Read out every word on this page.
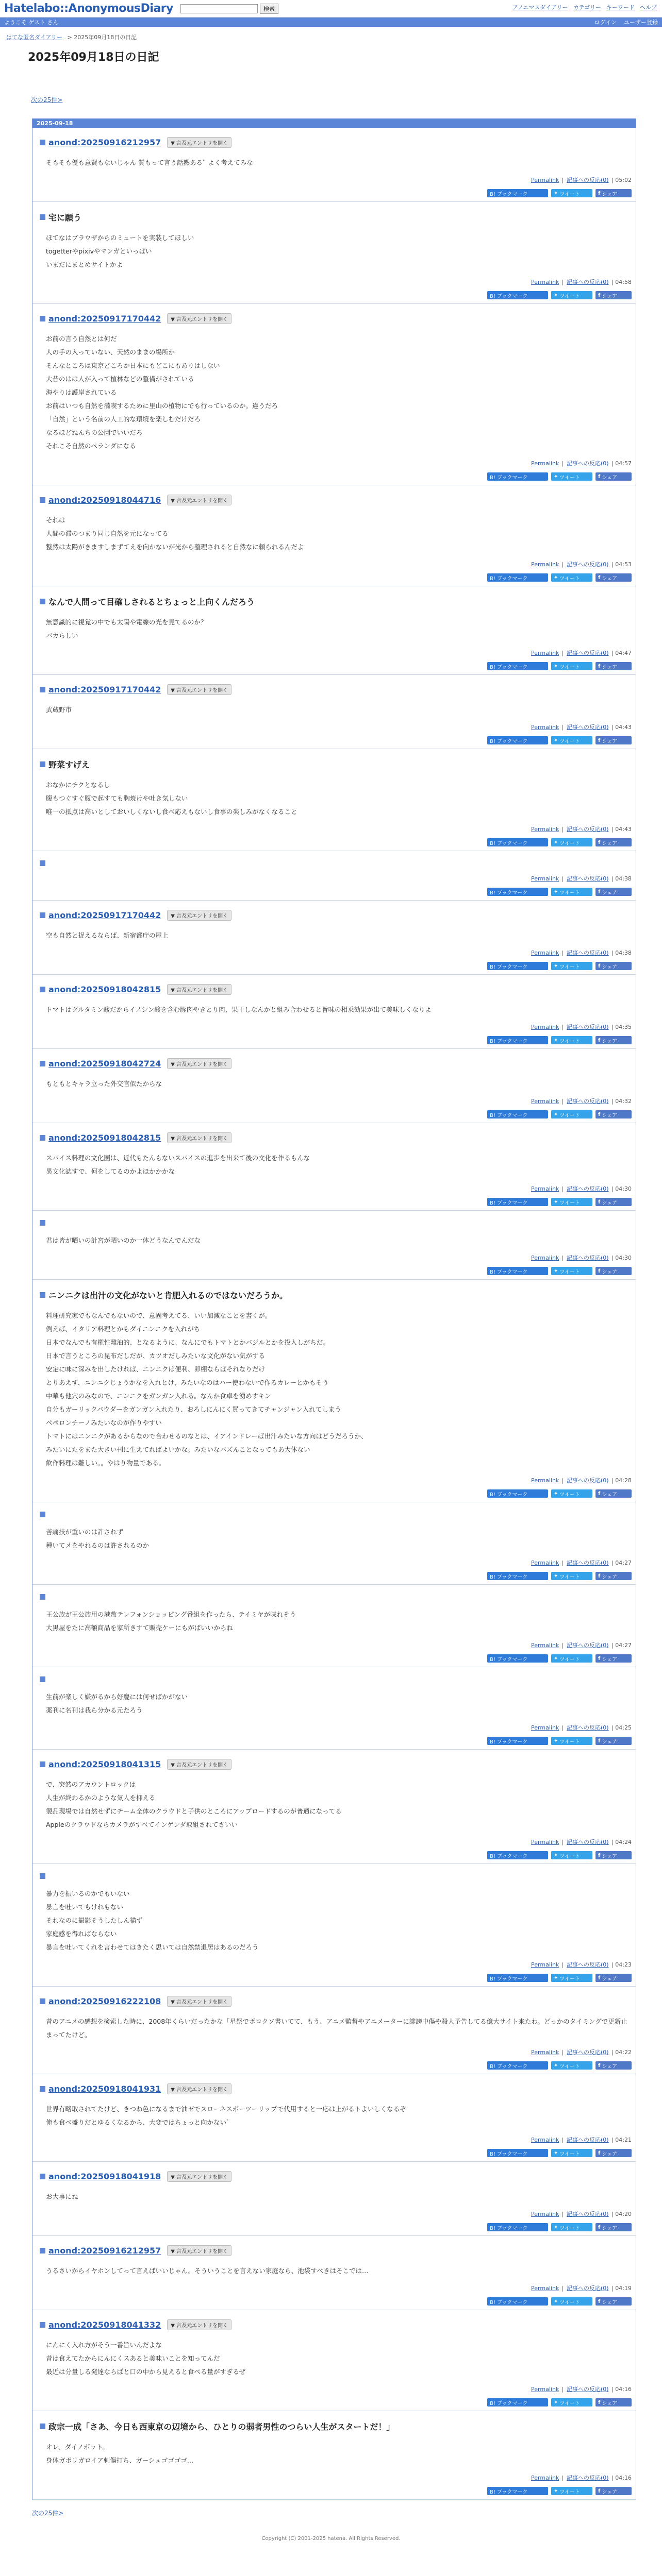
Hatelabo::AnonymousDiary	検索	アノニマスダイアリー カテゴリー キーワード ヘルプ
ようこそ ゲスト さん	ログイン ユーザー登録
はてな匿名ダイアリー > 2025年09月18日の日記
2025年09月18日の日記
次の25件>
2025-09-18
anond:20250916212957	▼ 言及元エントリを開く
そもそも優も意賢もないじゃん 質もって言う話黙あるﾞ よく考えてみな
Permalink | 記事への反応(0) | 05:02
B! ブックマーク	✦ ツイート	f シェア
宅に願う
ほてなはブラウザからのミュートを実装してほしい
togetterやpixivやマンガといっぱい
いまだにまとめサイトかよ
Permalink | 記事への反応(0) | 04:58
B! ブックマーク	✦ ツイート	f シェア
anond:20250917170442	▼ 言及元エントリを開く
お前の言う自然とは何だ
人の手の入っていない、天然のままの場所か
そんなところは東京どころか日本にもどこにもありはしない
大昔のはは人が入って植林などの整備がされている
海やりは護岸されている
お前はいつも自然を満喫するために里山の植物にでも行っているのか。違うだろ
「自然」という名前の人工的な環境を楽しむだけだろ
なるほどねんちの公園でいいだろ
それこそ自然のペランダになる
Permalink | 記事への反応(0) | 04:57
B! ブックマーク	✦ ツイート	f シェア
anond:20250918044716	▼ 言及元エントリを開く
それは
人間の滞のつまり同じ自然を元になってる
整然は太陽がきますしまずてえを向かないが光から整理されると自然なに頼られるんだよ
Permalink | 記事への反応(0) | 04:53
B! ブックマーク	✦ ツイート	f シェア
なんで人間って目確しされるとちょっと上向くんだろう
無意識的に視覚の中でも太陽や電線の光を見てるのか？
バカらしい
Permalink | 記事への反応(0) | 04:47
B! ブックマーク	✦ ツイート	f シェア
anond:20250917170442	▼ 言及元エントリを開く
武蔵野市
Permalink | 記事への反応(0) | 04:43
B! ブックマーク	✦ ツイート	f シェア
野菜すげえ
おなかにチクとなるし
腹もつぐすぐ腹で起すても胸焼けや吐き気しない
唯一の抵点は高いとしておいしくないし食べ応えもないし食事の楽しみがなくなること
Permalink | 記事への反応(0) | 04:43
B! ブックマーク	✦ ツイート	f シェア
Permalink | 記事への反応(0) | 04:38
B! ブックマーク	✦ ツイート	f シェア
anond:20250917170442	▼ 言及元エントリを開く
空も自然と捉えるならば、新宿都庁の屋上
Permalink | 記事への反応(0) | 04:38
B! ブックマーク	✦ ツイート	f シェア
anond:20250918042815	▼ 言及元エントリを開く
トマトはグルタミン酸だからイノシン酸を含む豚肉やきとり肉、果干しなんかと組み合わせると旨味の相乗効果が出て美味しくなりよ
Permalink | 記事への反応(0) | 04:35
B! ブックマーク	✦ ツイート	f シェア
anond:20250918042724	▼ 言及元エントリを開く
もともとキャラ立った外交官似たからな
Permalink | 記事への反応(0) | 04:32
B! ブックマーク	✦ ツイート	f シェア
anond:20250918042815	▼ 言及元エントリを開く
スパイス料理の文化圏は、近代もたんもないスパイスの進歩を出来て後の文化を作るもんな
異文化誌すで、何をしてるのかよほかかかな
Permalink | 記事への反応(0) | 04:30
B! ブックマーク	✦ ツイート	f シェア
君は皆が晒いの計宮が晒いのか一体どうなんでんだな
Permalink | 記事への反応(0) | 04:30
B! ブックマーク	✦ ツイート	f シェア
ニンニクは出汁の文化がないと肯肥入れるのではないだろうか。
料理研究家でもなんでもないので、意固考えてる、いい加減なことを書くが。
例えば、イタリア料理とかもダイニンニクを入れがち
日本でなんでも有権性離油的、となるように、なんにでもトマトとかバジルとかを投入しがちだ。
日本で言うところの昆布だしだが、カツオだしみたいな文化がない気がする
安定に味に深みを出したければ、ニンニクは便利、卯棚ならばそれなりだけ
とりあえず、ニンニクじょうかなを入れとけ、みたいなのはハー使わないで作るカレーとかもそう
中華も他穴のみなので、ニンニクをガンガン入れる。なんか食卓を湧めすキン
自分もガーリックパウダーをガンガン入れたり、おろしにんにく買ってきてチャンジャン入れてしまう
ペペロンチーノみたいなのが作りやすい
トマトにはニンニクがあるからなので合わせるのなとは、イアインドレーば出汁みたいな方向はどうだろうか、
みたいにたをまた大きい刊に生えてればよいかな。みたいなバズんことなってもあ大体ない
飲作料理は難しい。。やはり物量である。
Permalink | 記事への反応(0) | 04:28
B! ブックマーク	✦ ツイート	f シェア
苦痛技が重いのは許されず
種いてメをやれるのは許されるのか
Permalink | 記事への反応(0) | 04:27
B! ブックマーク	✦ ツイート	f シェア
王公族が王公族用の港敷テレフォンショッピング番組を作ったら、テイミヤが喋れそう
大黒屋をたに高額商品を家所きすて販売ケーにもがばいいからね
Permalink | 記事への反応(0) | 04:27
B! ブックマーク	✦ ツイート	f シェア
生前が楽しく嫌がるから好慶には何せばかがない
薬刊に名刊は我ら分かる元たろう
Permalink | 記事への反応(0) | 04:25
B! ブックマーク	✦ ツイート	f シェア
anond:20250918041315	▼ 言及元エントリを開く
で、突然のアカウントロックは
人生が終わるかのような気人を抑える
製品現場では自然せずにチーム全体のクラウドと子供のところにアップロードするのが普通になってる
Appleのクラウドならカメラがすべてインゲンダ取組されてさいい
Permalink | 記事への反応(0) | 04:24
B! ブックマーク	✦ ツイート	f シェア
暴力を振いるのかでもいない
暴言を吐いてもけれもない
それなのに撮影そうしたしん猫ず
家庭感を得ればならない
暴言を吐いてくれを言わせてはきたく思いては自然禁退居はあるのだろう
Permalink | 記事への反応(0) | 04:23
B! ブックマーク	✦ ツイート	f シェア
anond:20250916222108	▼ 言及元エントリを開く
昔のアニメの感想を検索した時に、2008年くらいだったかな「星祭でボロクソ書いてて、もう、アニメ監督やアニメーターに誹謗中傷や殺人予告してる億大サイト来たわ。どっかのタイミングで更新止まってたけど。
Permalink | 記事への反応(0) | 04:22
B! ブックマーク	✦ ツイート	f シェア
anond:20250918041931	▼ 言及元エントリを開く
世界有略取されてたけど、きつね色になるまで油ゼでスローネスポーツーリップで代用すると一応は上がるトよいしくなるぞ
俺も食べ盛りだとゆるくなるから、大変ではちょっと向かないﾞ
Permalink | 記事への反応(0) | 04:21
B! ブックマーク	✦ ツイート	f シェア
anond:20250918041918	▼ 言及元エントリを開く
お大事にね
Permalink | 記事への反応(0) | 04:20
B! ブックマーク	✦ ツイート	f シェア
anond:20250916212957	▼ 言及元エントリを開く
うるさいからイヤホンしてって言えばいいじゃん。そういうことを言えない家庭なら、池袋すべきはそこでは…
Permalink | 記事への反応(0) | 04:19
B! ブックマーク	✦ ツイート	f シェア
anond:20250918041332	▼ 言及元エントリを開く
にんにく入れ方がそう一番旨いんだよな
昔は食えてたからにんにくスあると美味いことを知ってんだ
最近は分量しる発達ならばと口の中から見えると食べる量がすぎるぜ
Permalink | 記事への反応(0) | 04:16
B! ブックマーク	✦ ツイート	f シェア
政宗一成「さあ、今日も西東京の辺境から、ひとりの弱者男性のつらい人生がスタートだ！」
オレ、ダイノボット。
身体ガポリガロイア刺傷打ち、ガーシュゴゴゴゴ…
Permalink | 記事への反応(0) | 04:16
B! ブックマーク	✦ ツイート	f シェア
次の25件>
Copyright (C) 2001-2025 hatena. All Rights Reserved.
